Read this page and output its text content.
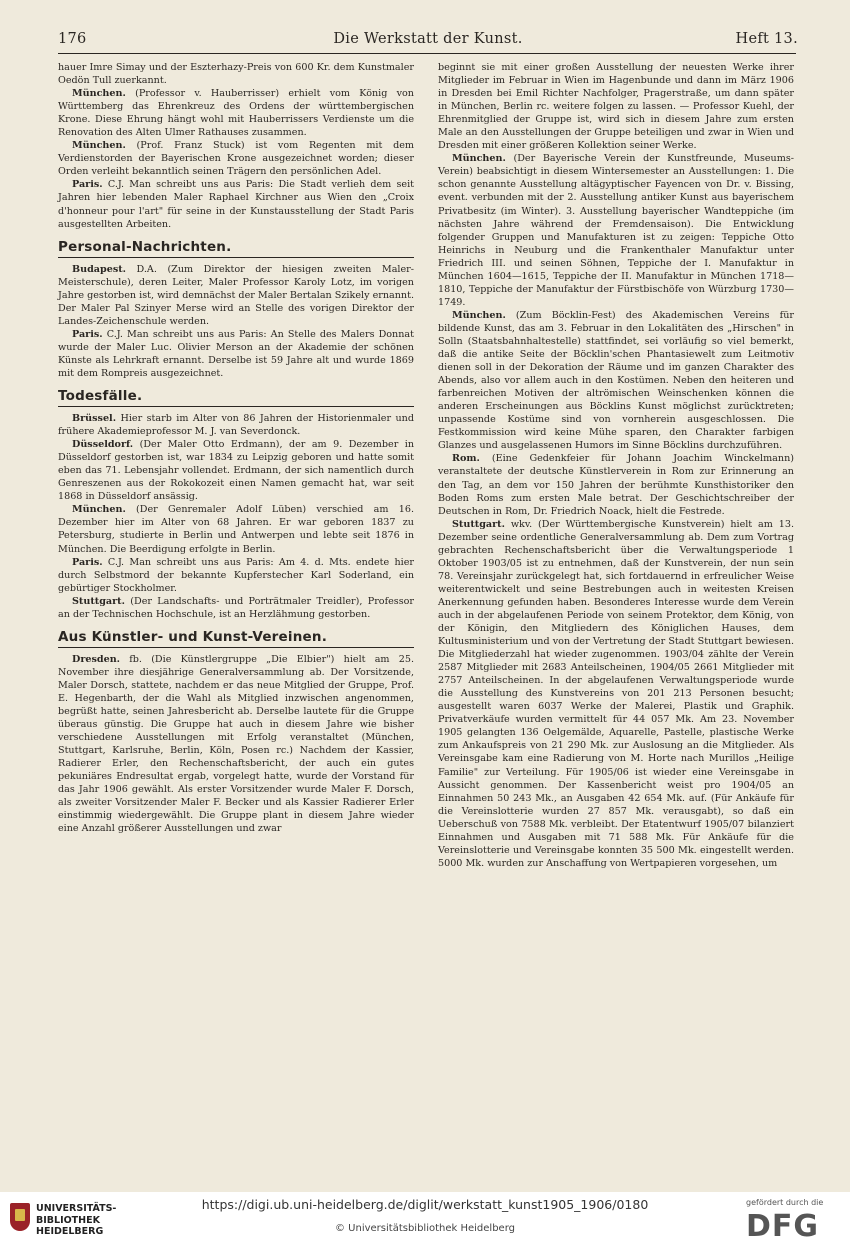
176	Die Werkstatt der Kunst.	Heft 13.

hauer Imre Simay und der Eszterhazy-Preis von 600 Kr. dem Kunstmaler Oedön Tull zuerkannt.

München. (Professor v. Hauberrisser) erhielt vom König von Württemberg das Ehrenkreuz des Ordens der württembergischen Krone. Diese Ehrung hängt wohl mit Hauberrissers Verdienste um die Renovation des Alten Ulmer Rathauses zusammen.

München. (Prof. Franz Stuck) ist vom Regenten mit dem Verdienstorden der Bayerischen Krone ausgezeichnet worden; dieser Orden verleiht bekanntlich seinen Trägern den persönlichen Adel.

Paris. C.J. Man schreibt uns aus Paris: Die Stadt verlieh dem seit Jahren hier lebenden Maler Raphael Kirchner aus Wien den „Croix d'honneur pour l'art" für seine in der Kunstausstellung der Stadt Paris ausgestellten Arbeiten.

Personal-Nachrichten.

Budapest. D.A. (Zum Direktor der hiesigen zweiten Maler-Meisterschule), deren Leiter, Maler Professor Karoly Lotz, im vorigen Jahre gestorben ist, wird demnächst der Maler Bertalan Szikely ernannt. Der Maler Pal Szinyer Merse wird an Stelle des vorigen Direktor der Landes-Zeichenschule werden.

Paris. C.J. Man schreibt uns aus Paris: An Stelle des Malers Donnat wurde der Maler Luc. Olivier Merson an der Akademie der schönen Künste als Lehrkraft ernannt. Derselbe ist 59 Jahre alt und wurde 1869 mit dem Rompreis ausgezeichnet.

Todesfälle.

Brüssel. Hier starb im Alter von 86 Jahren der Historienmaler und frühere Akademieprofessor M. J. van Severdonck.

Düsseldorf. (Der Maler Otto Erdmann), der am 9. Dezember in Düsseldorf gestorben ist, war 1834 zu Leipzig geboren und hatte somit eben das 71. Lebensjahr vollendet. Erdmann, der sich namentlich durch Genreszenen aus der Rokokozeit einen Namen gemacht hat, war seit 1868 in Düsseldorf ansässig.

München. (Der Genremaler Adolf Lüben) verschied am 16. Dezember hier im Alter von 68 Jahren. Er war geboren 1837 zu Petersburg, studierte in Berlin und Antwerpen und lebte seit 1876 in München. Die Beerdigung erfolgte in Berlin.

Paris. C.J. Man schreibt uns aus Paris: Am 4. d. Mts. endete hier durch Selbstmord der bekannte Kupferstecher Karl Soderland, ein gebürtiger Stockholmer.

Stuttgart. (Der Landschafts- und Porträtmaler Treidler), Professor an der Technischen Hochschule, ist an Herzlähmung gestorben.

Aus Künstler- und Kunst-Vereinen.

Dresden. fb. (Die Künstlergruppe „Die Elbier") hielt am 25. November ihre diesjährige Generalversammlung ab. Der Vorsitzende, Maler Dorsch, stattete, nachdem er das neue Mitglied der Gruppe, Prof. E. Hegenbarth, der die Wahl als Mitglied inzwischen angenommen, begrüßt hatte, seinen Jahresbericht ab. Derselbe lautete für die Gruppe überaus günstig. Die Gruppe hat auch in diesem Jahre wie bisher verschiedene Ausstellungen mit Erfolg veranstaltet (München, Stuttgart, Karlsruhe, Berlin, Köln, Posen rc.) Nachdem der Kassier, Radierer Erler, den Rechenschaftsbericht, der auch ein gutes pekuniäres Endresultat ergab, vorgelegt hatte, wurde der Vorstand für das Jahr 1906 gewählt. Als erster Vorsitzender wurde Maler F. Dorsch, als zweiter Vorsitzender Maler F. Becker und als Kassier Radierer Erler einstimmig wiedergewählt. Die Gruppe plant in diesem Jahre wieder eine Anzahl größerer Ausstellungen und zwar

beginnt sie mit einer großen Ausstellung der neuesten Werke ihrer Mitglieder im Februar in Wien im Hagenbunde und dann im März 1906 in Dresden bei Emil Richter Nachfolger, Pragerstraße, um dann später in München, Berlin rc. weitere folgen zu lassen. — Professor Kuehl, der Ehrenmitglied der Gruppe ist, wird sich in diesem Jahre zum ersten Male an den Ausstellungen der Gruppe beteiligen und zwar in Wien und Dresden mit einer größeren Kollektion seiner Werke.

München. (Der Bayerische Verein der Kunstfreunde, Museums-Verein) beabsichtigt in diesem Wintersemester an Ausstellungen: 1. Die schon genannte Ausstellung altägyptischer Fayencen von Dr. v. Bissing, event. verbunden mit der 2. Ausstellung antiker Kunst aus bayerischem Privatbesitz (im Winter). 3. Ausstellung bayerischer Wandteppiche (im nächsten Jahre während der Fremdensaison). Die Entwicklung folgender Gruppen und Manufakturen ist zu zeigen: Teppiche Otto Heinrichs in Neuburg und die Frankenthaler Manufaktur unter Friedrich III. und seinen Söhnen, Teppiche der I. Manufaktur in München 1604—1615, Teppiche der II. Manufaktur in München 1718—1810, Teppiche der Manufaktur der Fürstbischöfe von Würzburg 1730—1749.

München. (Zum Böcklin-Fest) des Akademischen Vereins für bildende Kunst, das am 3. Februar in den Lokalitäten des „Hirschen" in Solln (Staatsbahnhaltestelle) stattfindet, sei vorläufig so viel bemerkt, daß die antike Seite der Böcklin'schen Phantasiewelt zum Leitmotiv dienen soll in der Dekoration der Räume und im ganzen Charakter des Abends, also vor allem auch in den Kostümen. Neben den heiteren und farbenreichen Motiven der altrömischen Weinschenken können die anderen Erscheinungen aus Böcklins Kunst möglichst zurücktreten; unpassende Kostüme sind von vornherein ausgeschlossen. Die Festkommission wird keine Mühe sparen, den Charakter farbigen Glanzes und ausgelassenen Humors im Sinne Böcklins durchzuführen.

Rom. (Eine Gedenkfeier für Johann Joachim Winckelmann) veranstaltete der deutsche Künstlerverein in Rom zur Erinnerung an den Tag, an dem vor 150 Jahren der berühmte Kunsthistoriker den Boden Roms zum ersten Male betrat. Der Geschichtschreiber der Deutschen in Rom, Dr. Friedrich Noack, hielt die Festrede.

Stuttgart. wkv. (Der Württembergische Kunstverein) hielt am 13. Dezember seine ordentliche Generalversammlung ab. Dem zum Vortrag gebrachten Rechenschaftsbericht über die Verwaltungsperiode 1 Oktober 1903/05 ist zu entnehmen, daß der Kunstverein, der nun sein 78. Vereinsjahr zurückgelegt hat, sich fortdauernd in erfreulicher Weise weiterentwickelt und seine Bestrebungen auch in weitesten Kreisen Anerkennung gefunden haben. Besonderes Interesse wurde dem Verein auch in der abgelaufenen Periode von seinem Protektor, dem König, von der Königin, den Mitgliedern des Königlichen Hauses, dem Kultusministerium und von der Vertretung der Stadt Stuttgart bewiesen. Die Mitgliederzahl hat wieder zugenommen. 1903/04 zählte der Verein 2587 Mitglieder mit 2683 Anteilscheinen, 1904/05 2661 Mitglieder mit 2757 Anteilscheinen. In der abgelaufenen Verwaltungsperiode wurde die Ausstellung des Kunstvereins von 201 213 Personen besucht; ausgestellt waren 6037 Werke der Malerei, Plastik und Graphik. Privatverkäufe wurden vermittelt für 44 057 Mk. Am 23. November 1905 gelangten 136 Oelgemälde, Aquarelle, Pastelle, plastische Werke zum Ankaufspreis von 21 290 Mk. zur Auslosung an die Mitglieder. Als Vereinsgabe kam eine Radierung von M. Horte nach Murillos „Heilige Familie" zur Verteilung. Für 1905/06 ist wieder eine Vereinsgabe in Aussicht genommen. Der Kassenbericht weist pro 1904/05 an Einnahmen 50 243 Mk., an Ausgaben 42 654 Mk. auf. (Für Ankäufe für die Vereinslotterie wurden 27 857 Mk. verausgabt), so daß ein Ueberschuß von 7588 Mk. verbleibt. Der Etatentwurf 1905/07 bilanziert Einnahmen und Ausgaben mit 71 588 Mk. Für Ankäufe für die Vereinslotterie und Vereinsgabe konnten 35 500 Mk. eingestellt werden. 5000 Mk. wurden zur Anschaffung von Wertpapieren vorgesehen, um

UNIVERSITÄTS-
BIBLIOTHEK
HEIDELBERG
https://digi.ub.uni-heidelberg.de/diglit/werkstatt_kunst1905_1906/0180
© Universitätsbibliothek Heidelberg
gefördert durch die
DFG
